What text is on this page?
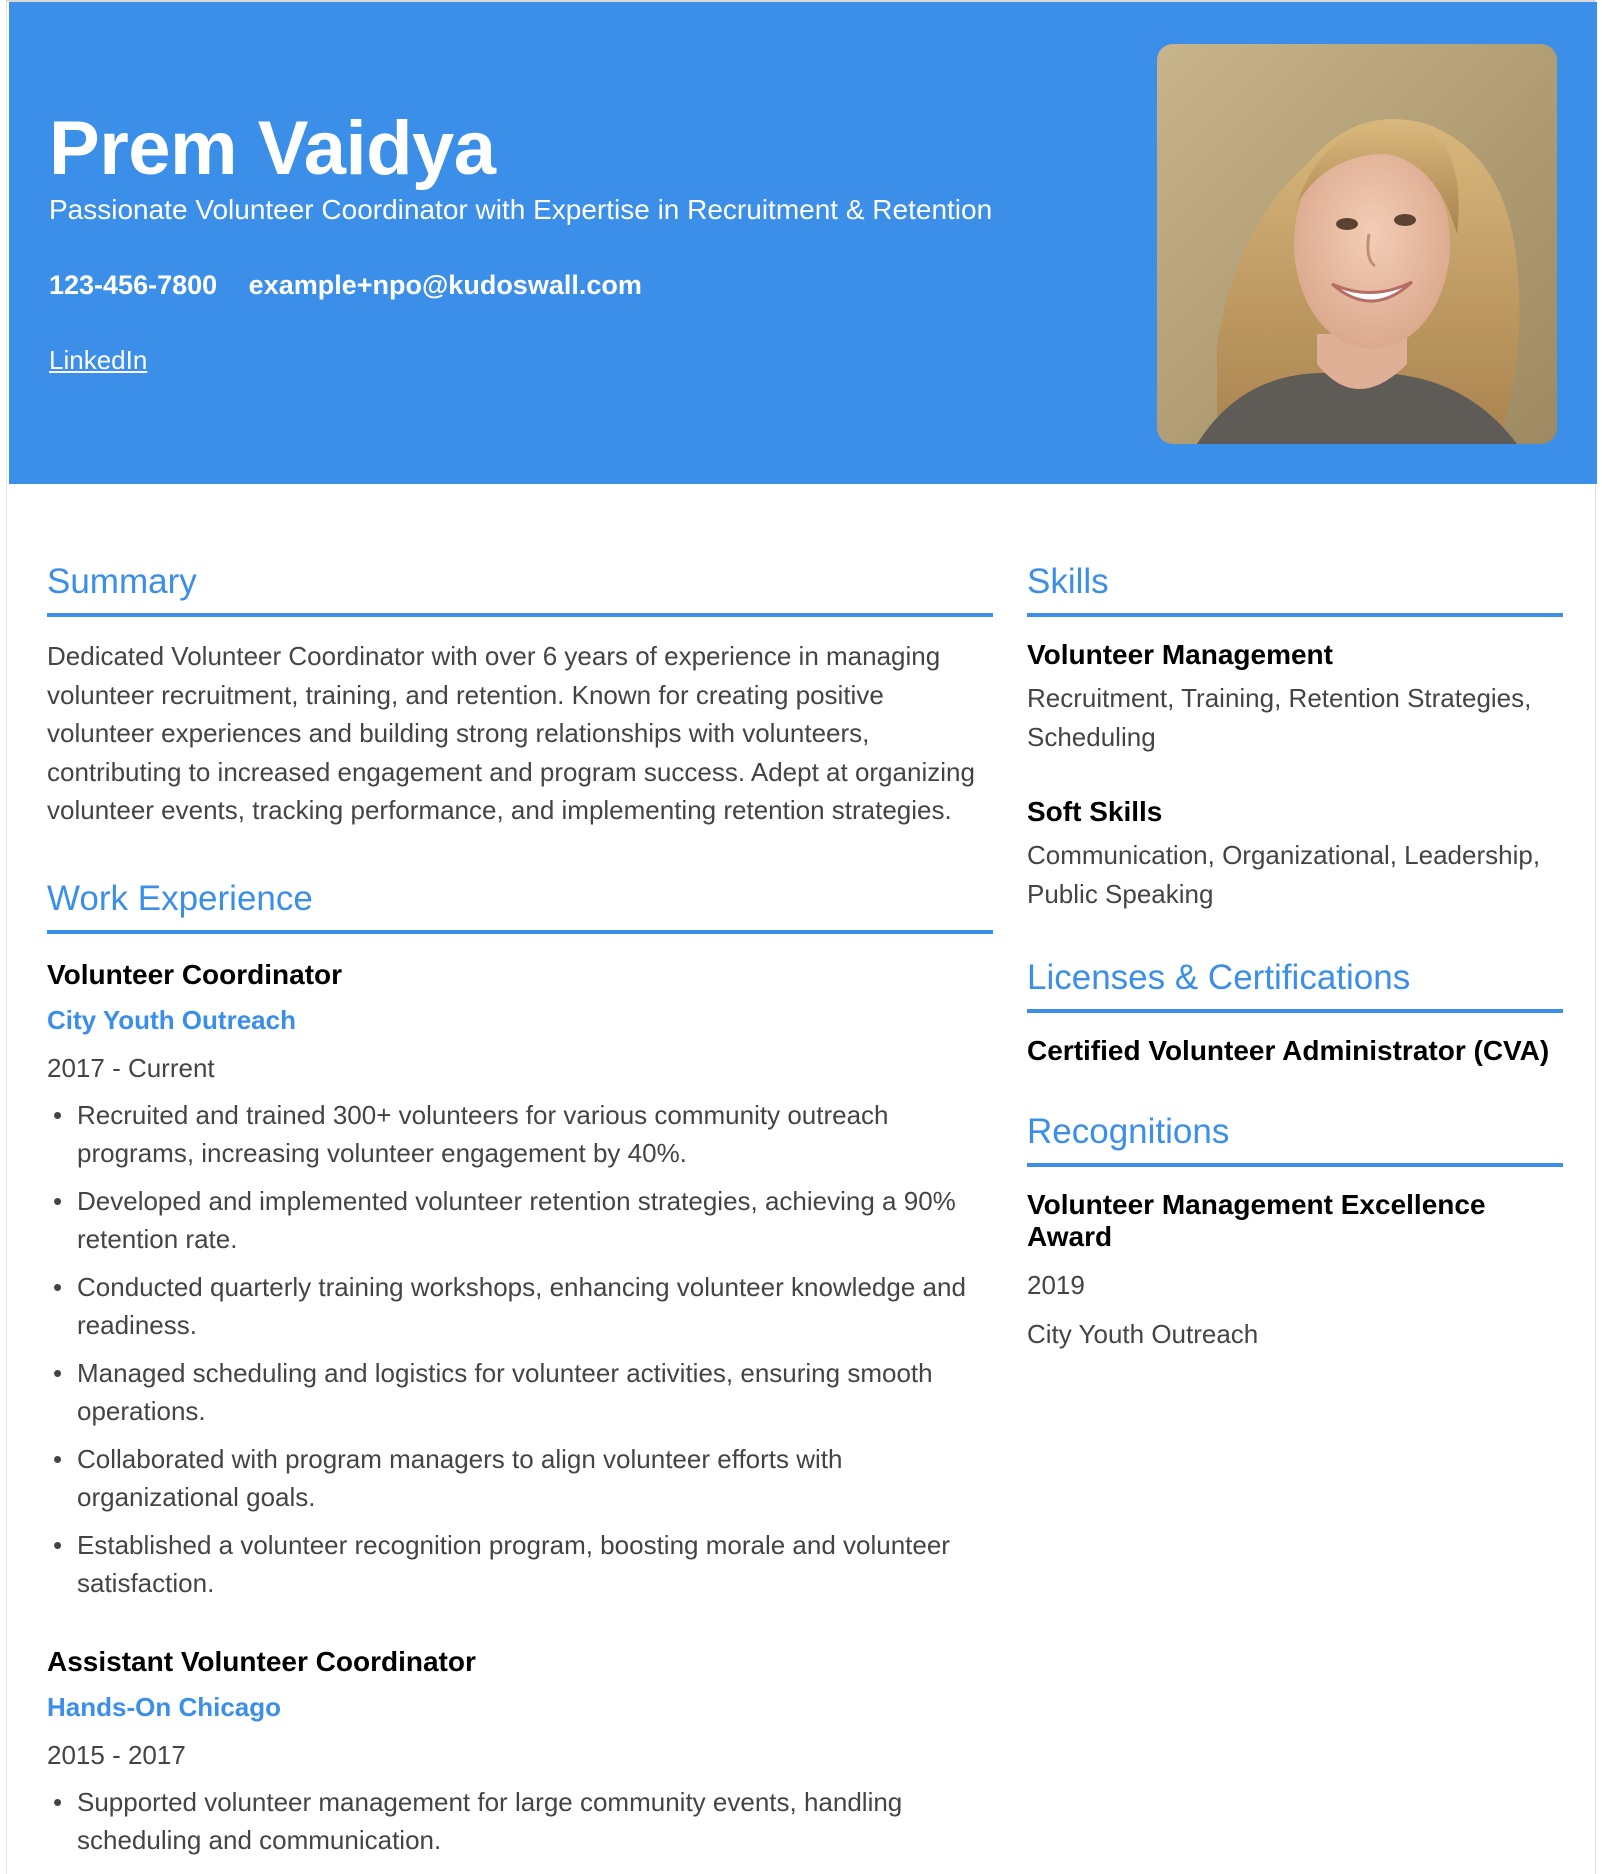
Prem Vaidya
Passionate Volunteer Coordinator with Expertise in Recruitment & Retention
123-456-7800 example+npo@kudoswall.com
LinkedIn
Summary

Dedicated Volunteer Coordinator with over 6 years of experience in managing volunteer recruitment, training, and retention. Known for creating positive volunteer experiences and building strong relationships with volunteers, contributing to increased engagement and program success. Adept at organizing volunteer events, tracking performance, and implementing retention strategies.

Work Experience
Volunteer Coordinator
City Youth Outreach
2017 - Current
• Recruited and trained 300+ volunteers for various community outreach programs, increasing volunteer engagement by 40%.
• Developed and implemented volunteer retention strategies, achieving a 90% retention rate.
• Conducted quarterly training workshops, enhancing volunteer knowledge and readiness.
• Managed scheduling and logistics for volunteer activities, ensuring smooth operations.
• Collaborated with program managers to align volunteer efforts with organizational goals.
• Established a volunteer recognition program, boosting morale and volunteer satisfaction.
Assistant Volunteer Coordinator
Hands-On Chicago
2015 - 2017
• Supported volunteer management for large community events, handling scheduling and communication.
Skills
Volunteer Management
Recruitment, Training, Retention Strategies, Scheduling
Soft Skills
Communication, Organizational, Leadership, Public Speaking
Licenses & Certifications
Certified Volunteer Administrator (CVA)
Recognitions
Volunteer Management Excellence Award
2019
City Youth Outreach
